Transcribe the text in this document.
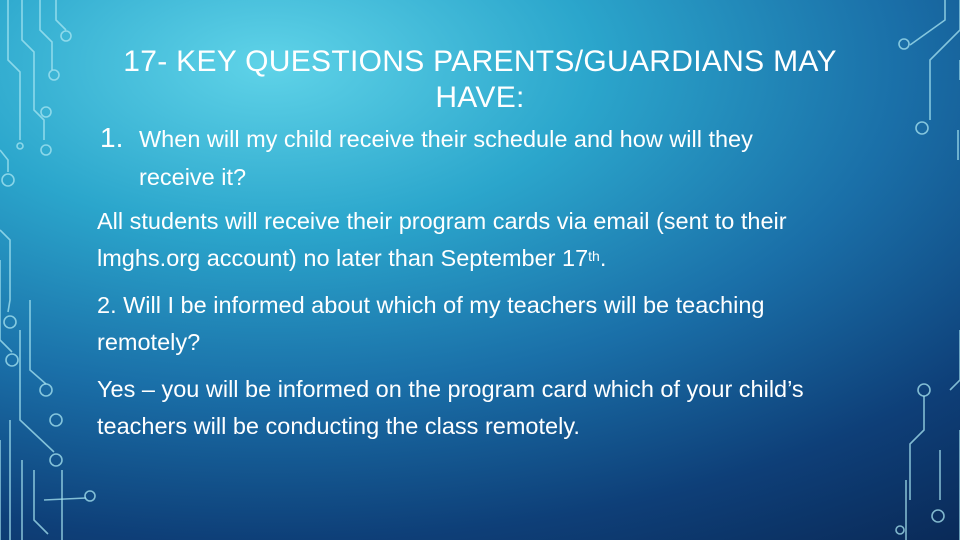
17- KEY QUESTIONS PARENTS/GUARDIANS MAY HAVE:

1. When will my child receive their schedule and how will they receive it?

All students will receive their program cards via email (sent to their lmghs.org account) no later than September 17th.

2. Will I be informed about which of my teachers will be teaching remotely?

Yes – you will be informed on the program card which of your child’s teachers will be conducting the class remotely.
